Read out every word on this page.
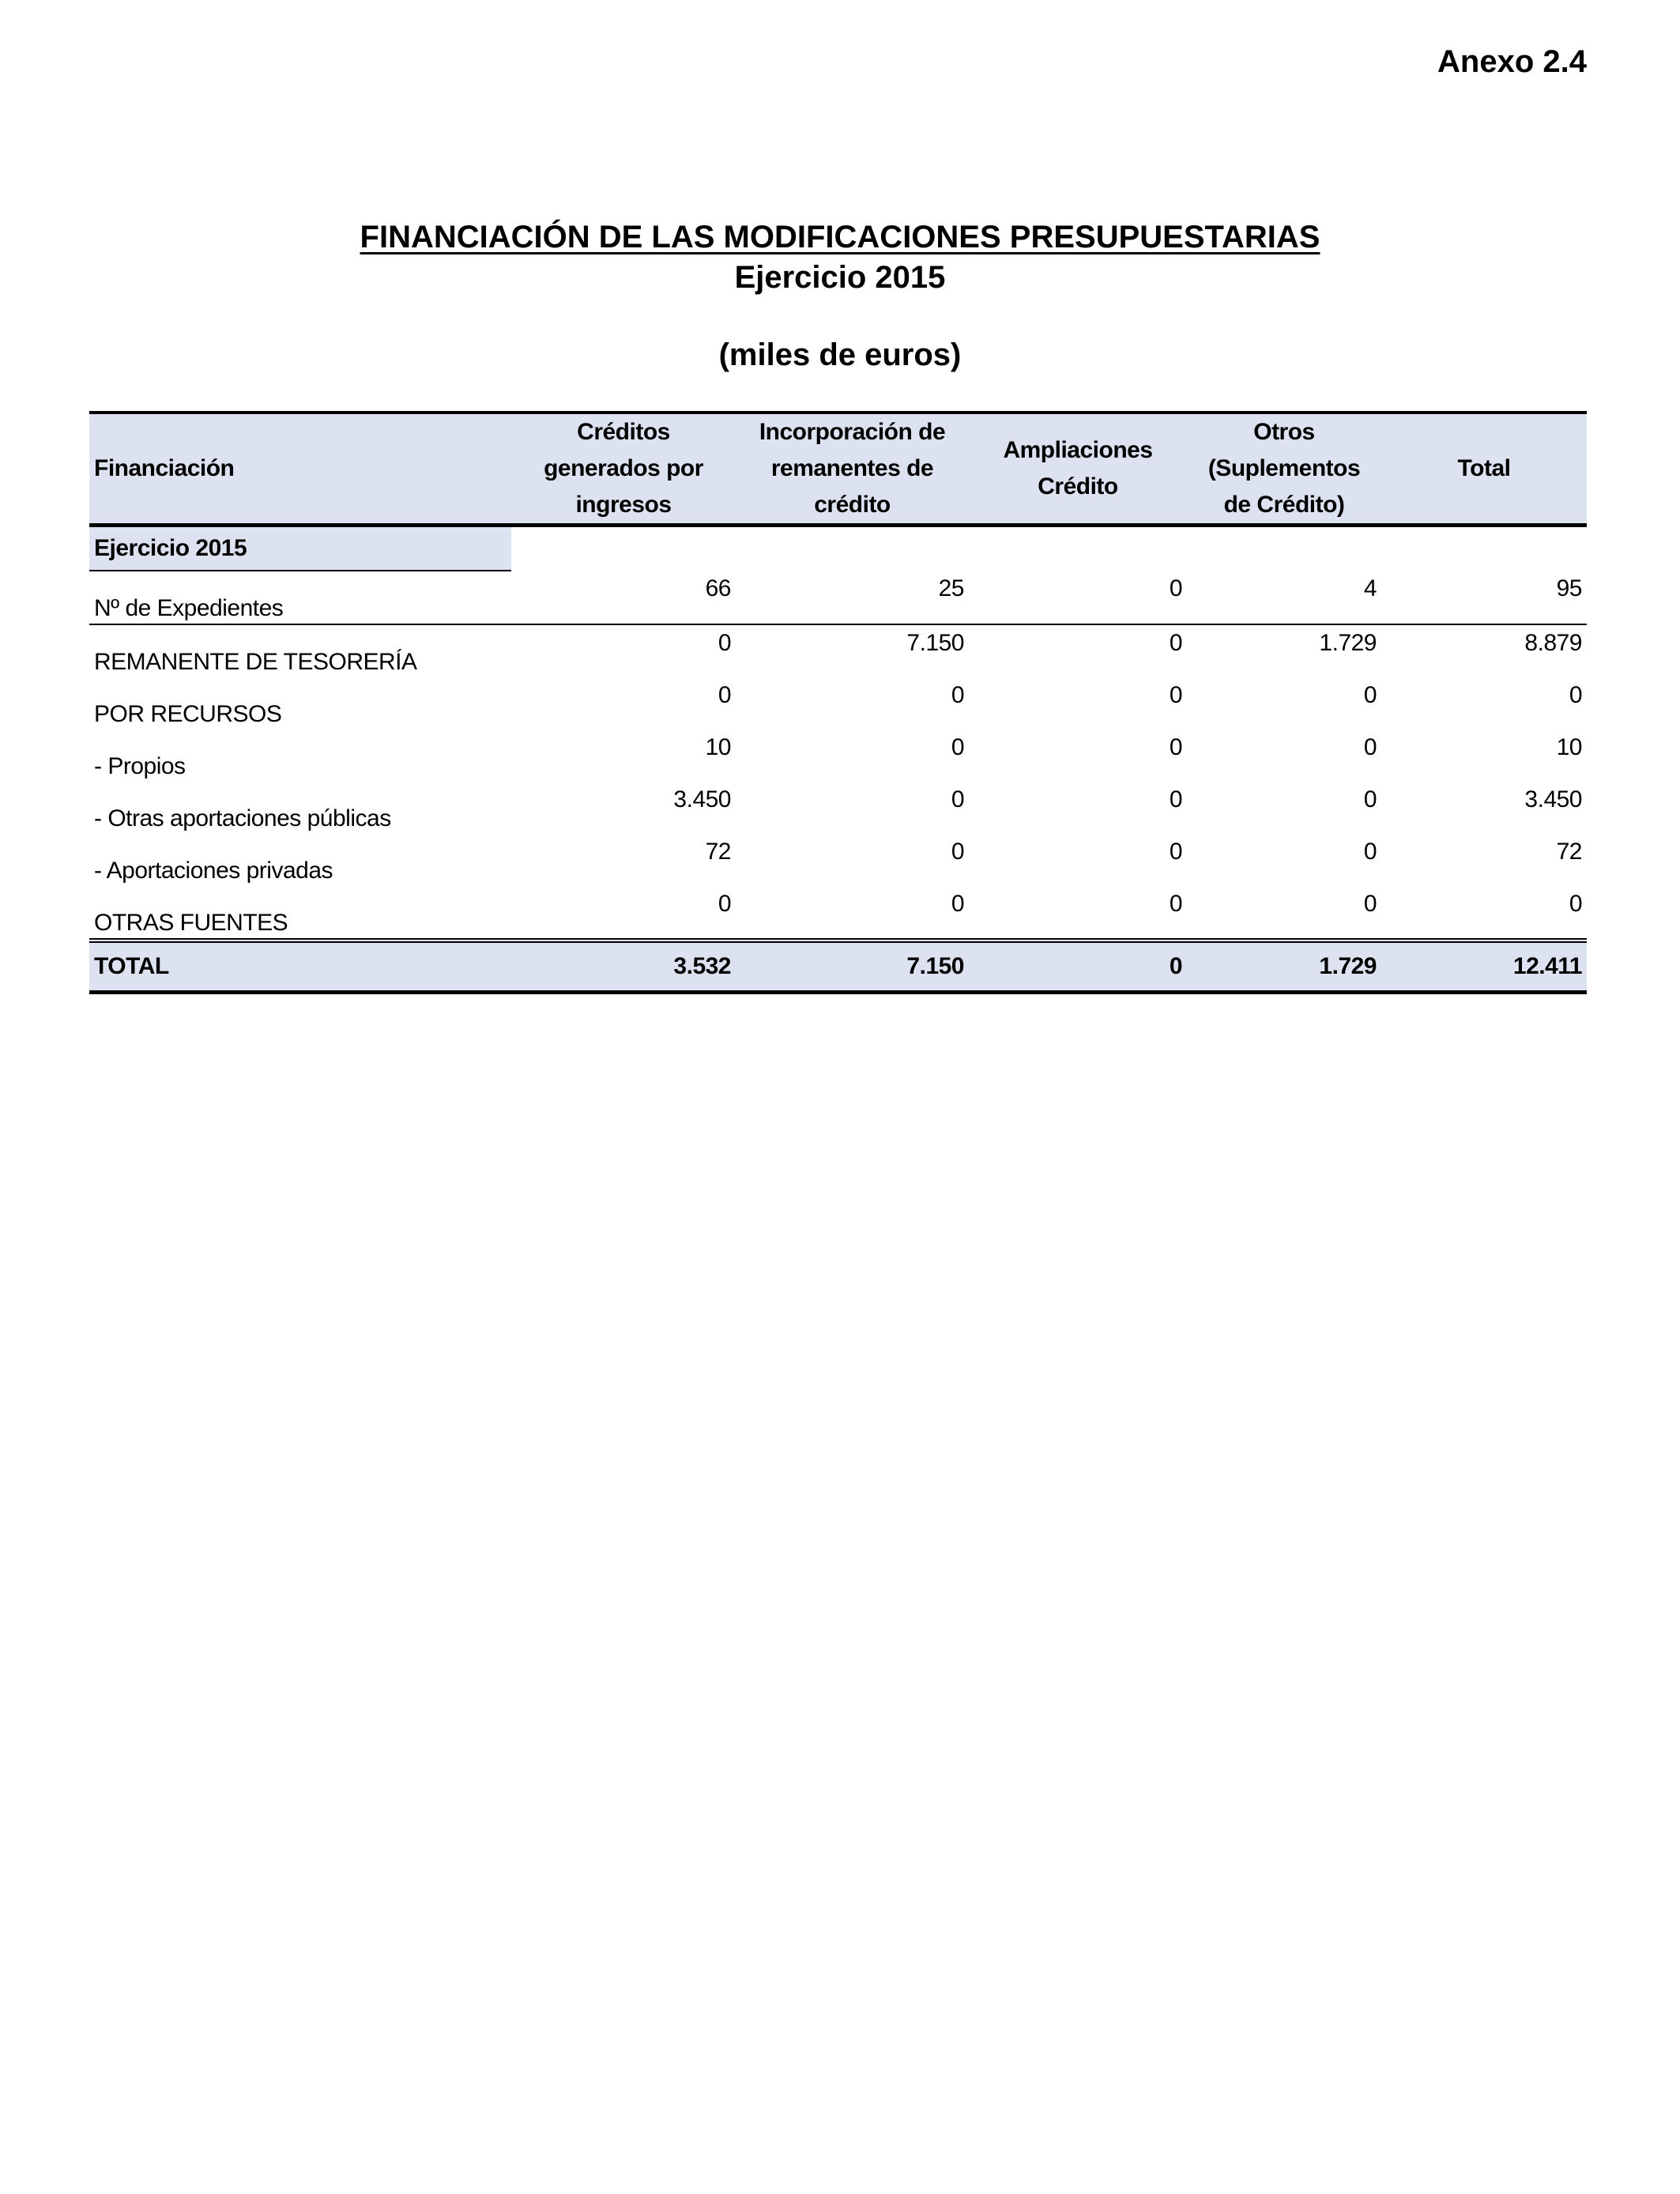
Anexo 2.4

FINANCIACIÓN DE LAS MODIFICACIONES PRESUPUESTARIAS
Ejercicio 2015
(miles de euros)
Financiación	Créditos generados por ingresos	Incorporación de remanentes de crédito	Ampliaciones Crédito	Otros (Suplementos de Crédito)	Total
Ejercicio 2015					
Nº de Expedientes	66	25	0	4	95
REMANENTE DE TESORERÍA	0	7.150	0	1.729	8.879
POR RECURSOS	0	0	0	0	0
- Propios	10	0	0	0	10
- Otras aportaciones públicas	3.450	0	0	0	3.450
- Aportaciones privadas	72	0	0	0	72
OTRAS FUENTES	0	0	0	0	0
TOTAL	3.532	7.150	0	1.729	12.411
